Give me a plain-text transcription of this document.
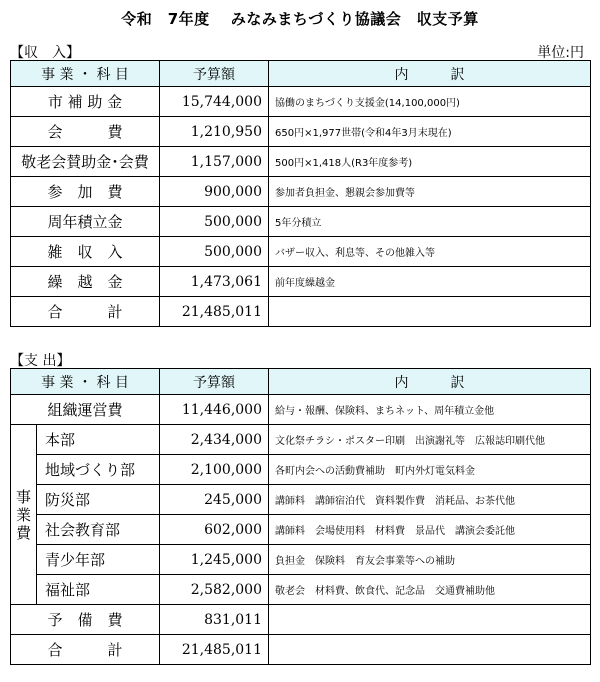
令和　7年度　 みなみまちづくり協議会　収支予算
【収　入】	単位:円
事 業 ・ 科 目	予算額	内　　　訳
市 補 助 金	15,744,000	協働のまちづくり支援金(14,100,000円)
会　　　費	1,210,950	650円×1,977世帯(令和4年3月末現在)
敬老会賛助金･会費	1,157,000	500円×1,418人(R3年度参考)
参　加　費	900,000	参加者負担金、懇親会参加費等
周年積立金	500,000	5年分積立
雑　収　入	500,000	バザー収入、利息等、その他雑入等
繰　越　金	1,473,061	前年度繰越金
合　　　計	21,485,011	
【支 出】
事 業 ・ 科 目		予算額	内　　　訳
組織運営費		11,446,000	給与・報酬、保険料、まちネット、周年積立金他

事
業
費	本部	2,434,000	文化祭チラシ・ポスター印刷　出演謝礼等　広報誌印刷代他
	地域づくり部	2,100,000	各町内会への活動費補助　町内外灯電気料金
	防災部	245,000	講師料　講師宿泊代　資料製作費　消耗品、お茶代他
	社会教育部	602,000	講師料　会場使用料　材料費　景品代　講演会委託他
	青少年部	1,245,000	負担金　保険料　育友会事業等への補助
	福祉部	2,582,000	敬老会　材料費、飲食代、記念品　交通費補助他
予　備　費		831,011	
合　　　計		21,485,011	
